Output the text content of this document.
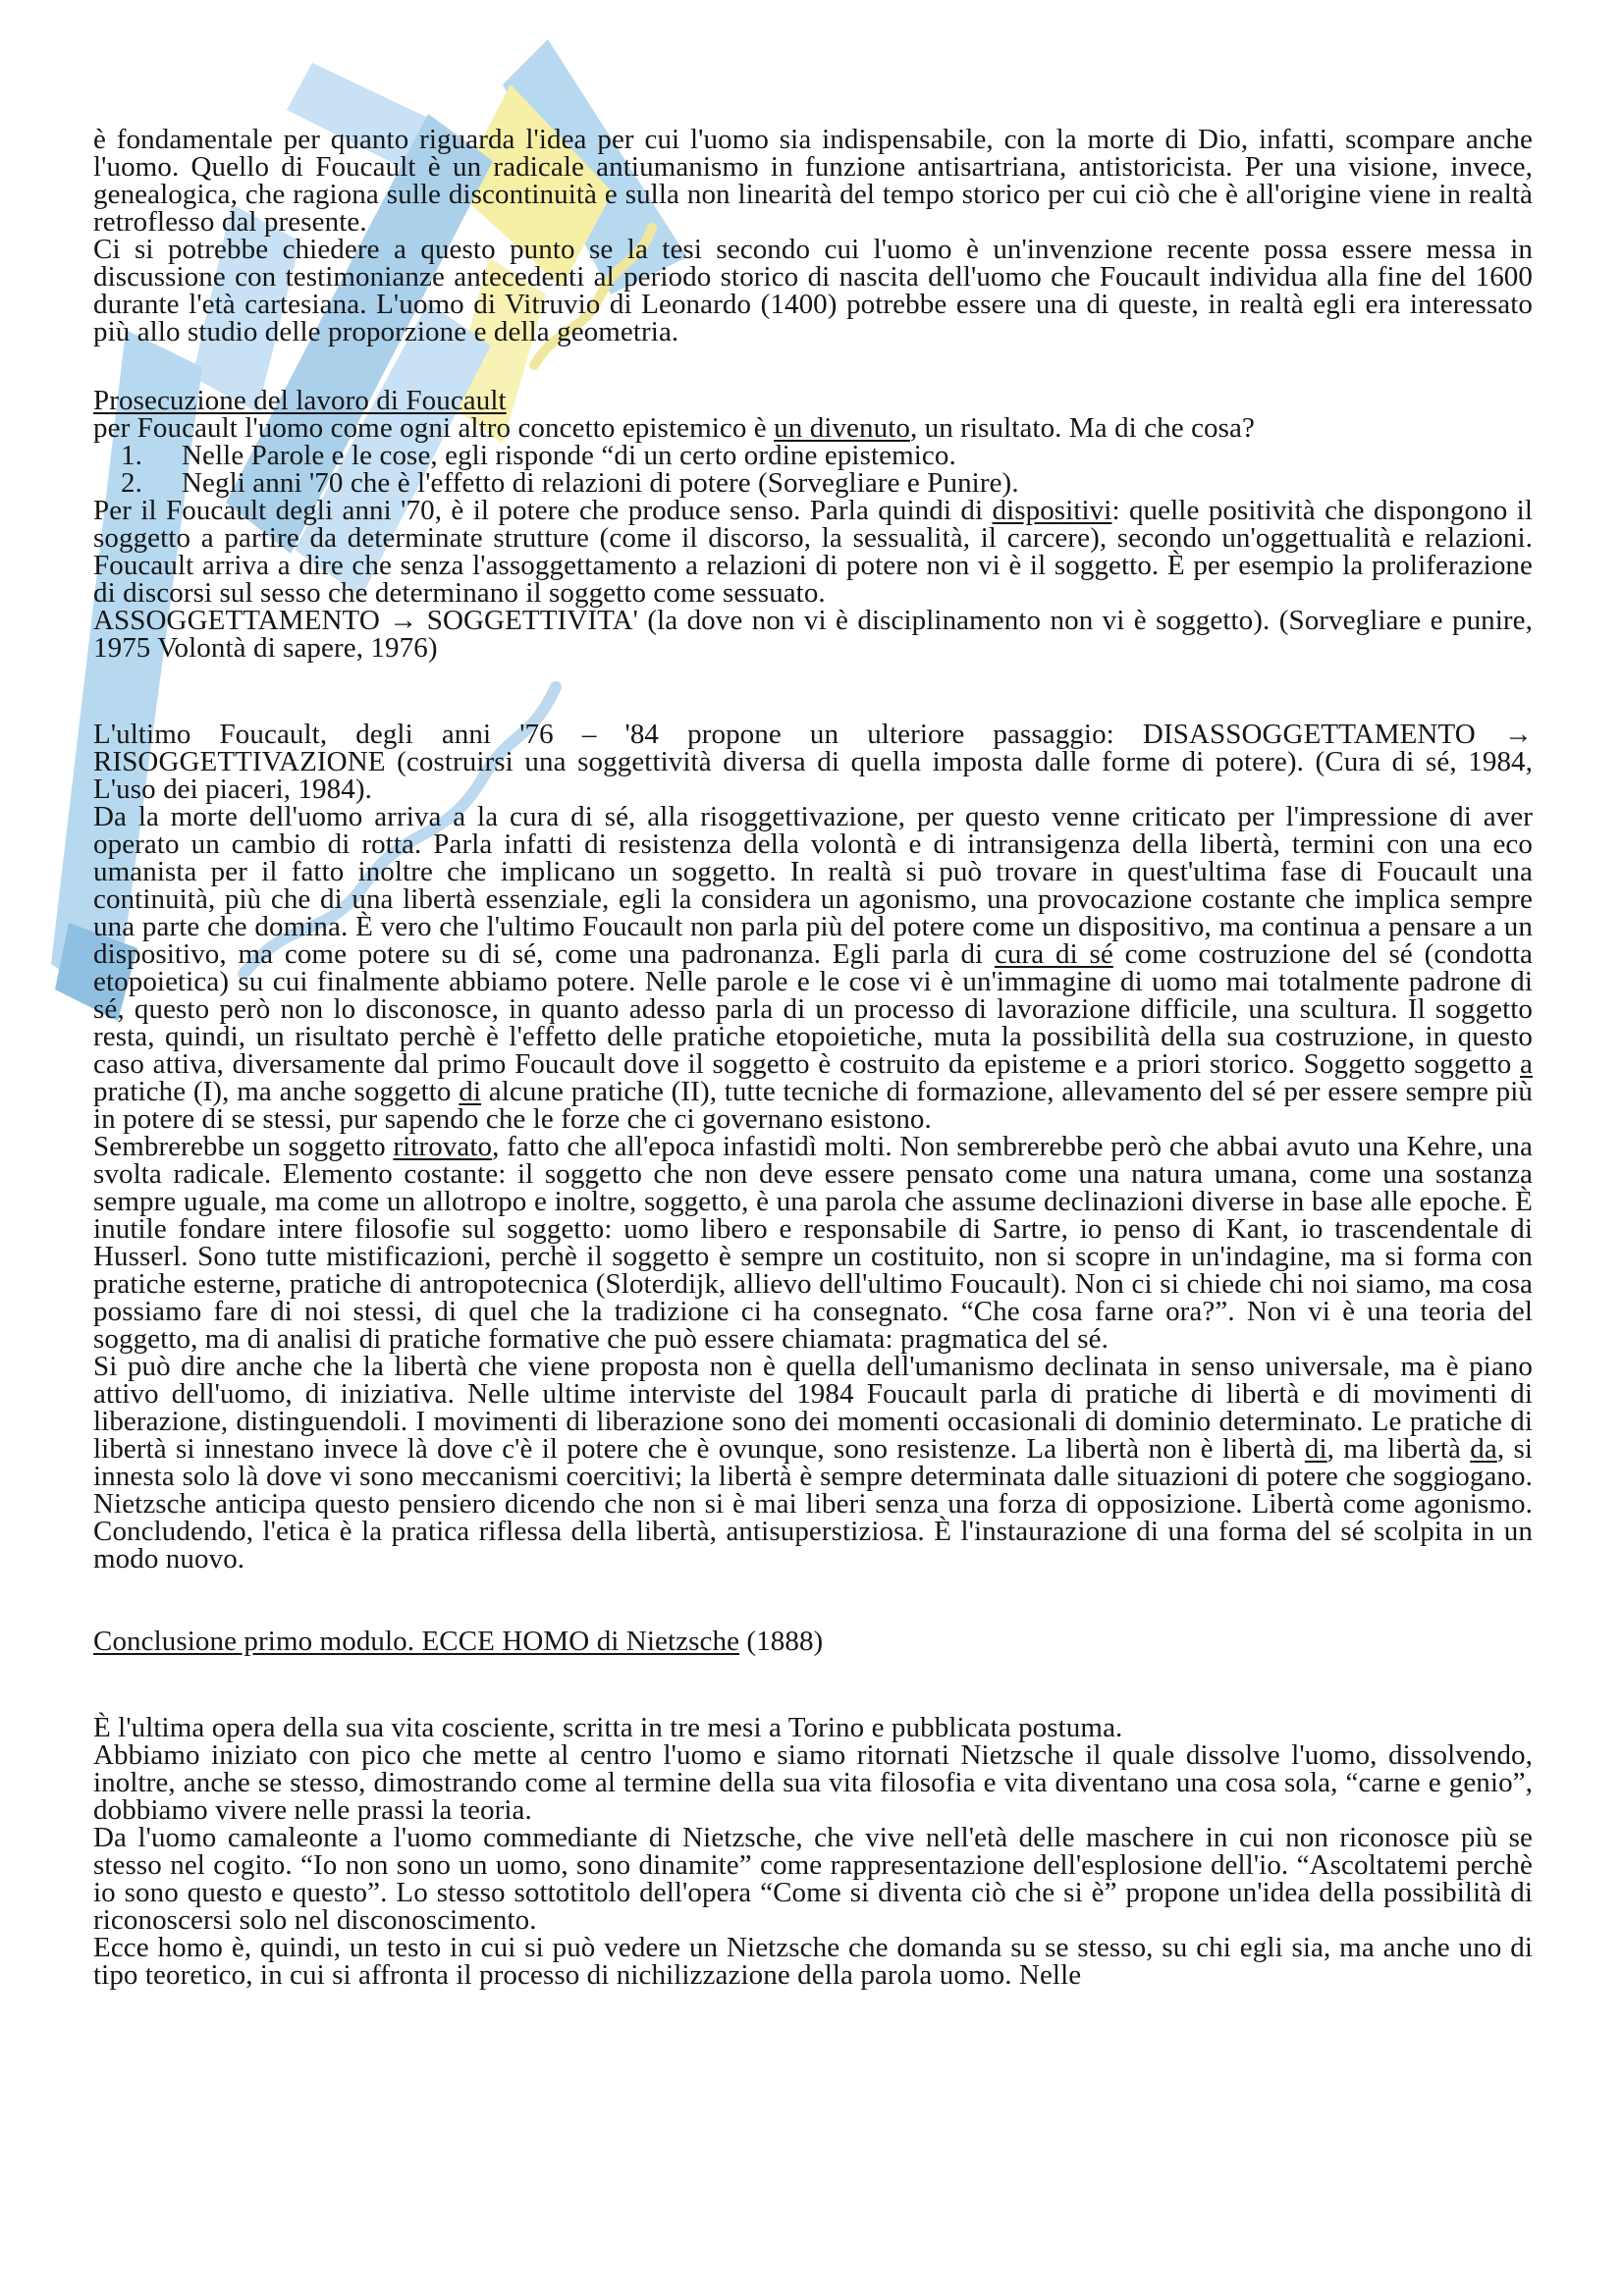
è fondamentale per quanto riguarda l'idea per cui l'uomo sia indispensabile, con la morte di Dio, infatti, scompare anche l'uomo. Quello di Foucault è un radicale antiumanismo in funzione antisartriana, antistoricista. Per una visione, invece, genealogica, che ragiona sulle discontinuità e sulla non linearità del tempo storico per cui ciò che è all'origine viene in realtà retroflesso dal presente.

Ci si potrebbe chiedere a questo punto se la tesi secondo cui l'uomo è un'invenzione recente possa essere messa in discussione con testimonianze antecedenti al periodo storico di nascita dell'uomo che Foucault individua alla fine del 1600 durante l'età cartesiana. L'uomo di Vitruvio di Leonardo (1400) potrebbe essere una di queste, in realtà egli era interessato più allo studio delle proporzione e della geometria.

Prosecuzione del lavoro di Foucault

per Foucault l'uomo come ogni altro concetto epistemico è un divenuto, un risultato. Ma di che cosa?

1. Nelle Parole e le cose, egli risponde “di un certo ordine epistemico.

2. Negli anni '70 che è l'effetto di relazioni di potere (Sorvegliare e Punire).

Per il Foucault degli anni '70, è il potere che produce senso. Parla quindi di dispositivi: quelle positività che dispongono il soggetto a partire da determinate strutture (come il discorso, la sessualità, il carcere), secondo un'oggettualità e relazioni. Foucault arriva a dire che senza l'assoggettamento a relazioni di potere non vi è il soggetto. È per esempio la proliferazione di discorsi sul sesso che determinano il soggetto come sessuato.

ASSOGGETTAMENTO → SOGGETTIVITA' (la dove non vi è disciplinamento non vi è soggetto). (Sorvegliare e punire, 1975 Volontà di sapere, 1976)

L'ultimo Foucault, degli anni '76 – '84 propone un ulteriore passaggio: DISASSOGGETTAMENTO → RISOGGETTIVAZIONE (costruirsi una soggettività diversa di quella imposta dalle forme di potere). (Cura di sé, 1984, L'uso dei piaceri, 1984).

Da la morte dell'uomo arriva a la cura di sé, alla risoggettivazione, per questo venne criticato per l'impressione di aver operato un cambio di rotta. Parla infatti di resistenza della volontà e di intransigenza della libertà, termini con una eco umanista per il fatto inoltre che implicano un soggetto. In realtà si può trovare in quest'ultima fase di Foucault una continuità, più che di una libertà essenziale, egli la considera un agonismo, una provocazione costante che implica sempre una parte che domina. È vero che l'ultimo Foucault non parla più del potere come un dispositivo, ma continua a pensare a un dispositivo, ma come potere su di sé, come una padronanza. Egli parla di cura di sé come costruzione del sé (condotta etopoietica) su cui finalmente abbiamo potere. Nelle parole e le cose vi è un'immagine di uomo mai totalmente padrone di sé, questo però non lo disconosce, in quanto adesso parla di un processo di lavorazione difficile, una scultura. Il soggetto resta, quindi, un risultato perchè è l'effetto delle pratiche etopoietiche, muta la possibilità della sua costruzione, in questo caso attiva, diversamente dal primo Foucault dove il soggetto è costruito da episteme e a priori storico. Soggetto soggetto a pratiche (I), ma anche soggetto di alcune pratiche (II), tutte tecniche di formazione, allevamento del sé per essere sempre più in potere di se stessi, pur sapendo che le forze che ci governano esistono.

Sembrerebbe un soggetto ritrovato, fatto che all'epoca infastidì molti. Non sembrerebbe però che abbai avuto una Kehre, una svolta radicale. Elemento costante: il soggetto che non deve essere pensato come una natura umana, come una sostanza sempre uguale, ma come un allotropo e inoltre, soggetto, è una parola che assume declinazioni diverse in base alle epoche. È inutile fondare intere filosofie sul soggetto: uomo libero e responsabile di Sartre, io penso di Kant, io trascendentale di Husserl. Sono tutte mistificazioni, perchè il soggetto è sempre un costituito, non si scopre in un'indagine, ma si forma con pratiche esterne, pratiche di antropotecnica (Sloterdijk, allievo dell'ultimo Foucault). Non ci si chiede chi noi siamo, ma cosa possiamo fare di noi stessi, di quel che la tradizione ci ha consegnato. “Che cosa farne ora?”. Non vi è una teoria del soggetto, ma di analisi di pratiche formative che può essere chiamata: pragmatica del sé.

Si può dire anche che la libertà che viene proposta non è quella dell'umanismo declinata in senso universale, ma è piano attivo dell'uomo, di iniziativa. Nelle ultime interviste del 1984 Foucault parla di pratiche di libertà e di movimenti di liberazione, distinguendoli. I movimenti di liberazione sono dei momenti occasionali di dominio determinato. Le pratiche di libertà si innestano invece là dove c'è il potere che è ovunque, sono resistenze. La libertà non è libertà di, ma libertà da, si innesta solo là dove vi sono meccanismi coercitivi; la libertà è sempre determinata dalle situazioni di potere che soggiogano. Nietzsche anticipa questo pensiero dicendo che non si è mai liberi senza una forza di opposizione. Libertà come agonismo. Concludendo, l'etica è la pratica riflessa della libertà, antisuperstiziosa. È l'instaurazione di una forma del sé scolpita in un modo nuovo.

Conclusione primo modulo. ECCE HOMO di Nietzsche (1888)

È l'ultima opera della sua vita cosciente, scritta in tre mesi a Torino e pubblicata postuma.

Abbiamo iniziato con pico che mette al centro l'uomo e siamo ritornati Nietzsche il quale dissolve l'uomo, dissolvendo, inoltre, anche se stesso, dimostrando come al termine della sua vita filosofia e vita diventano una cosa sola, “carne e genio”, dobbiamo vivere nelle prassi la teoria.

Da l'uomo camaleonte a l'uomo commediante di Nietzsche, che vive nell'età delle maschere in cui non riconosce più se stesso nel cogito. “Io non sono un uomo, sono dinamite” come rappresentazione dell'esplosione dell'io. “Ascoltatemi perchè io sono questo e questo”. Lo stesso sottotitolo dell'opera “Come si diventa ciò che si è” propone un'idea della possibilità di riconoscersi solo nel disconoscimento.

Ecce homo è, quindi, un testo in cui si può vedere un Nietzsche che domanda su se stesso, su chi egli sia, ma anche uno di tipo teoretico, in cui si affronta il processo di nichilizzazione della parola uomo. Nelle
